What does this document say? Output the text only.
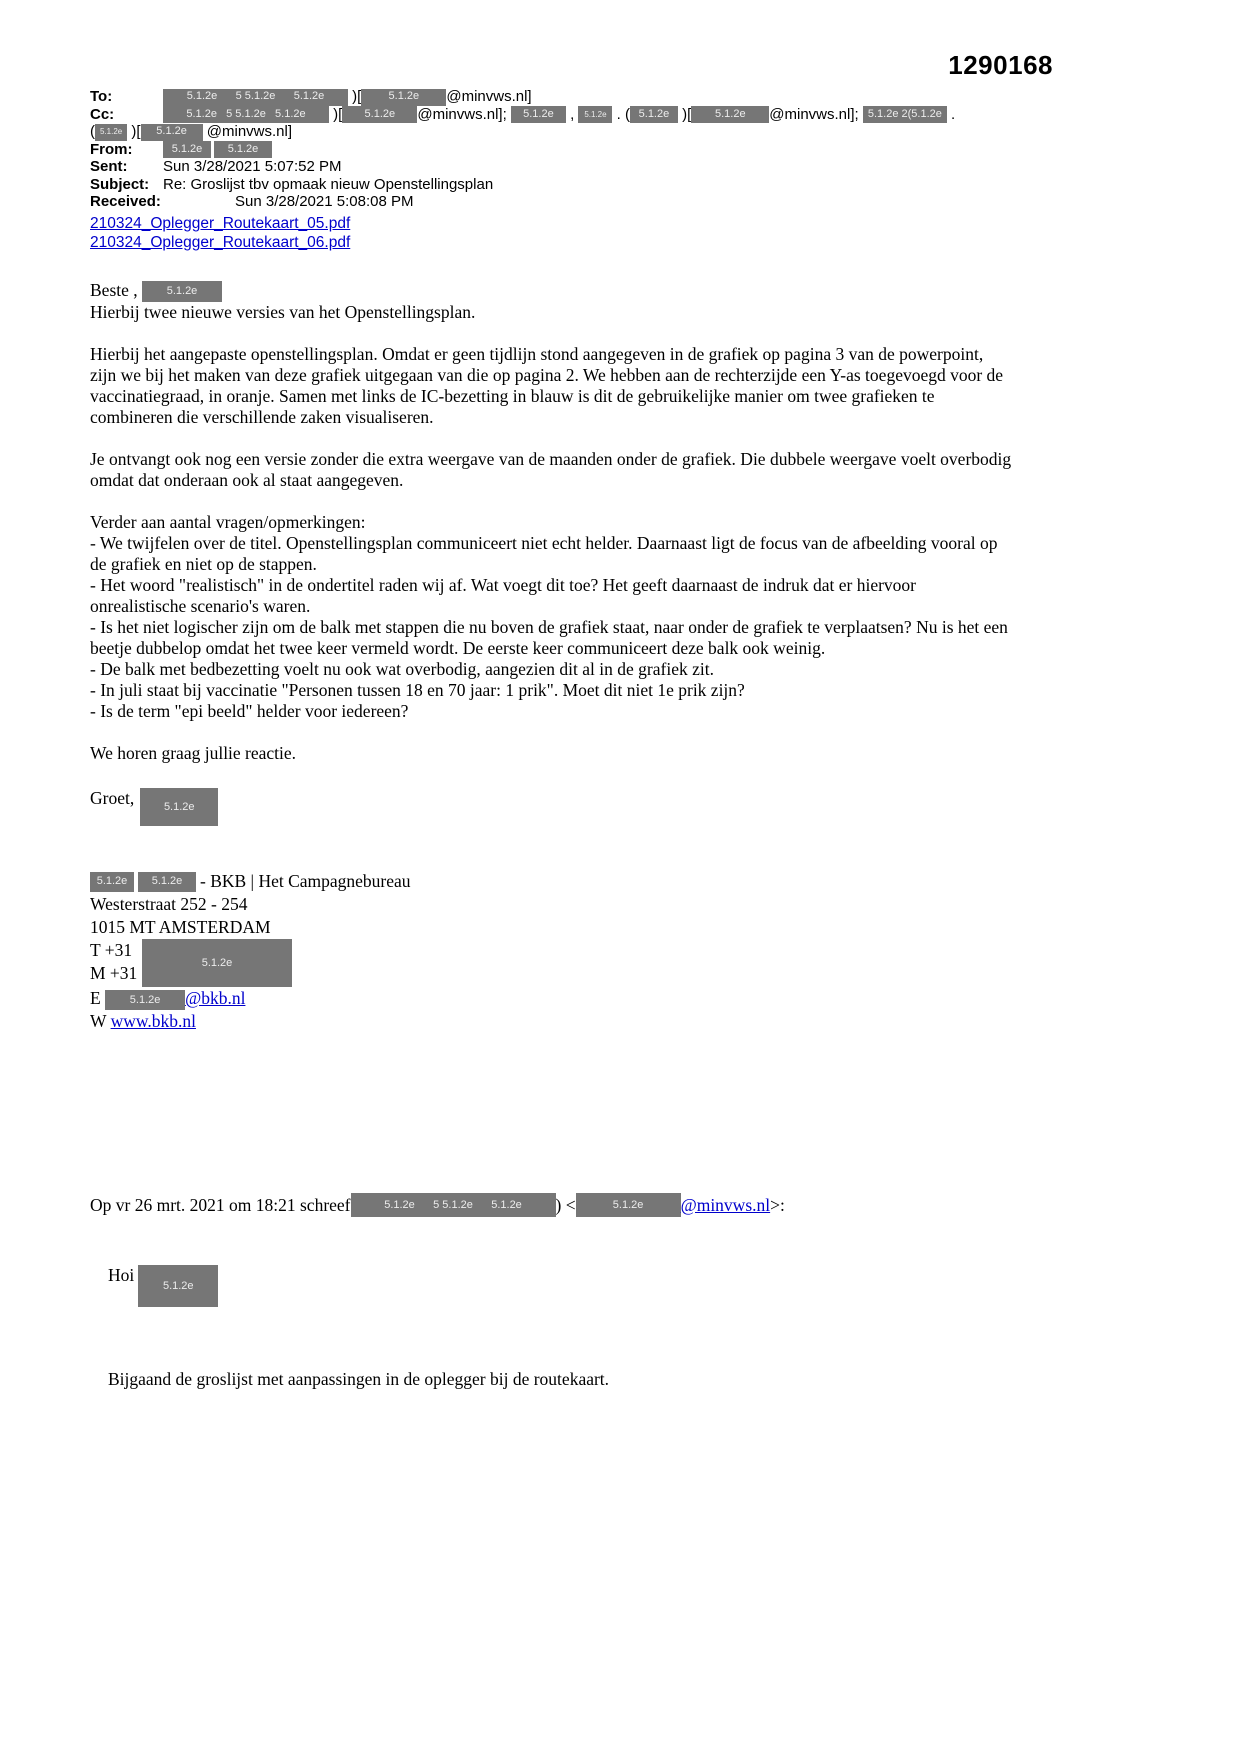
1290168
To:	5.1.2e      5 5.1.2e      5.1.2e )[ 5.1.2e @minvws.nl]
Cc:	5.1.2e   5 5.1.2e   5.1.2e )[ 5.1.2e @minvws.nl]; 5.1.2e , 5.1.2e . ( 5.1.2e )[ 5.1.2e @minvws.nl]; 5.1.2e 2(5.1.2e .
( 5.1.2e )[ 5.1.2e @minvws.nl]
From:	5.1.2e 5.1.2e
Sent: Sun 3/28/2021 5:07:52 PM
Subject: Re: Groslijst tbv opmaak nieuw Openstellingsplan
Received:	Sun 3/28/2021 5:08:08 PM
210324_Oplegger_Routekaart_05.pdf
210324_Oplegger_Routekaart_06.pdf
Beste , 5.1.2e
Hierbij twee nieuwe versies van het Openstellingsplan.

Hierbij het aangepaste openstellingsplan. Omdat er geen tijdlijn stond aangegeven in de grafiek op pagina 3 van de powerpoint, zijn we bij het maken van deze grafiek uitgegaan van die op pagina 2. We hebben aan de rechterzijde een Y-as toegevoegd voor de vaccinatiegraad, in oranje. Samen met links de IC-bezetting in blauw is dit de gebruikelijke manier om twee grafieken te combineren die verschillende zaken visualiseren.

Je ontvangt ook nog een versie zonder die extra weergave van de maanden onder de grafiek. Die dubbele weergave voelt overbodig omdat dat onderaan ook al staat aangegeven.

Verder aan aantal vragen/opmerkingen:

- We twijfelen over de titel. Openstellingsplan communiceert niet echt helder. Daarnaast ligt de focus van de afbeelding vooral op de grafiek en niet op de stappen.
- Het woord "realistisch" in de ondertitel raden wij af. Wat voegt dit toe? Het geeft daarnaast de indruk dat er hiervoor onrealistische scenario's waren.
- Is het niet logischer zijn om de balk met stappen die nu boven de grafiek staat, naar onder de grafiek te verplaatsen? Nu is het een beetje dubbelop omdat het twee keer vermeld wordt. De eerste keer communiceert deze balk ook weinig.
- De balk met bedbezetting voelt nu ook wat overbodig, aangezien dit al in de grafiek zit.
- In juli staat bij vaccinatie "Personen tussen 18 en 70 jaar: 1 prik". Moet dit niet 1e prik zijn?
- Is de term "epi beeld" helder voor iedereen?

We horen graag jullie reactie.

Groet,	5.1.2e
5.1.2e	5.1.2e	- BKB | Het Campagnebureau
Westerstraat 252 - 254
1015 MT AMSTERDAM
T +31
M +31
5.1.2e
E 5.1.2e @bkb.nl
W www.bkb.nl
Op vr 26 mrt. 2021 om 18:21 schreef	5.1.2e      5 5.1.2e      5.1.2e	) <	5.1.2e	@minvws.nl >:
Hoi
5.1.2e
Bijgaand de groslijst met aanpassingen in de oplegger bij de routekaart.
